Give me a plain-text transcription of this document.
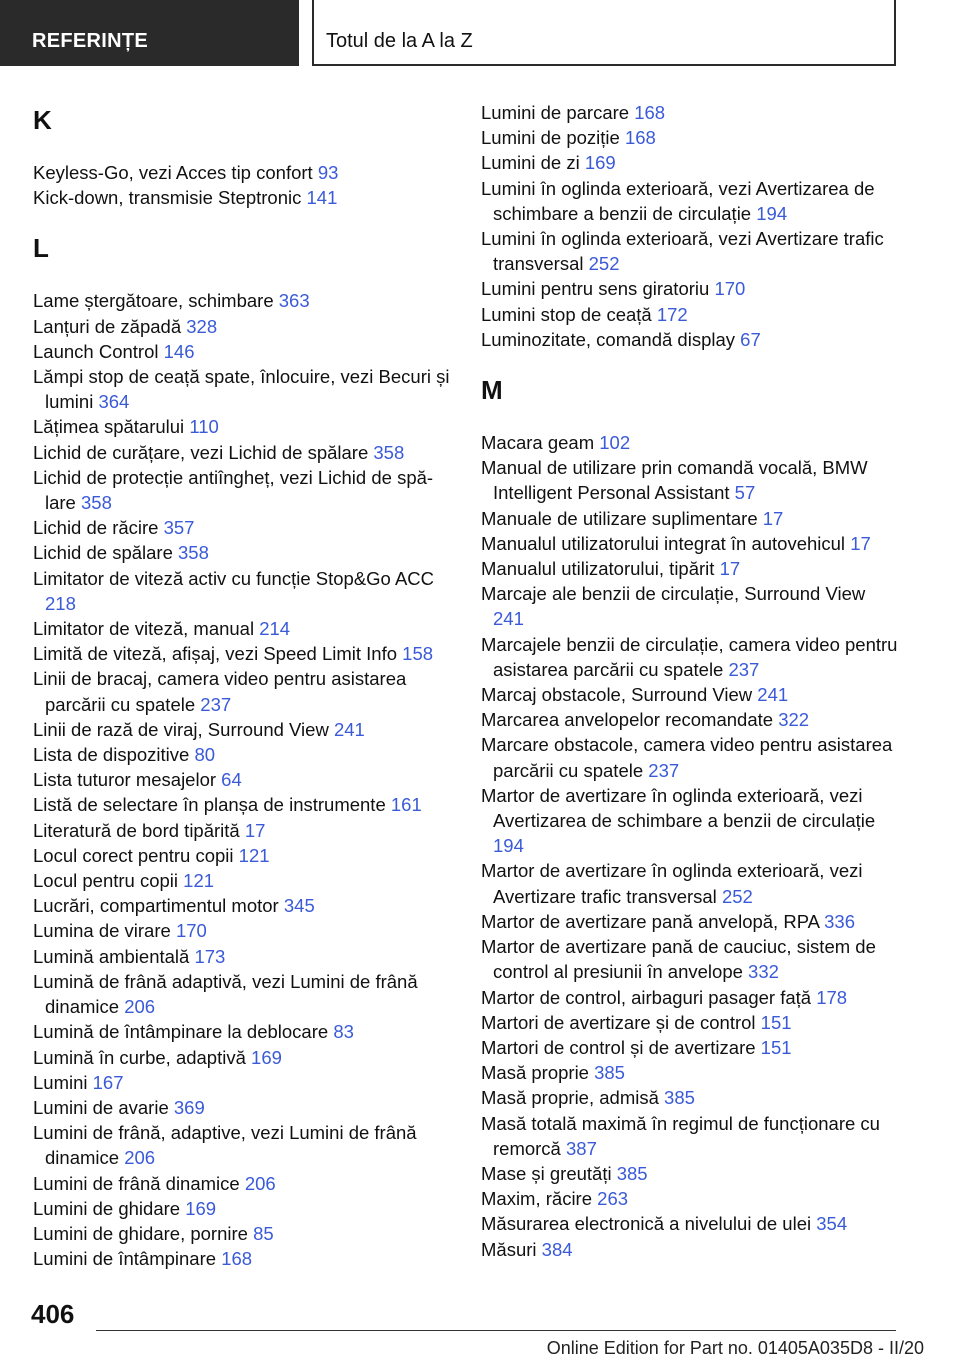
REFERINȚE	Totul de la A la Z
K
Keyless-Go, vezi Acces tip confort 93
Kick-down, transmisie Steptronic 141
L
Lame ștergătoare, schimbare 363
Lanțuri de zăpadă 328
Launch Control 146
Lămpi stop de ceață spate, înlocuire, vezi Becuri și lumini 364
Lățimea spătarului 110
Lichid de curățare, vezi Lichid de spălare 358
Lichid de protecție antiîngheț, vezi Lichid de spălare 358
Lichid de răcire 357
Lichid de spălare 358
Limitator de viteză activ cu funcție Stop&Go ACC 218
Limitator de viteză, manual 214
Limită de viteză, afișaj, vezi Speed Limit Info 158
Linii de bracaj, camera video pentru asistarea parcării cu spatele 237
Linii de rază de viraj, Surround View 241
Lista de dispozitive 80
Lista tuturor mesajelor 64
Listă de selectare în planșa de instrumente 161
Literatură de bord tipărită 17
Locul corect pentru copii 121
Locul pentru copii 121
Lucrări, compartimentul motor 345
Lumina de virare 170
Lumină ambientală 173
Lumină de frână adaptivă, vezi Lumini de frână dinamice 206
Lumină de întâmpinare la deblocare 83
Lumină în curbe, adaptivă 169
Lumini 167
Lumini de avarie 369
Lumini de frână, adaptive, vezi Lumini de frână dinamice 206
Lumini de frână dinamice 206
Lumini de ghidare 169
Lumini de ghidare, pornire 85
Lumini de întâmpinare 168
Lumini de parcare 168
Lumini de poziție 168
Lumini de zi 169
Lumini în oglinda exterioară, vezi Avertizarea de schimbare a benzii de circulație 194
Lumini în oglinda exterioară, vezi Avertizare trafic transversal 252
Lumini pentru sens giratoriu 170
Lumini stop de ceață 172
Luminozitate, comandă display 67
M
Macara geam 102
Manual de utilizare prin comandă vocală, BMW Intelligent Personal Assistant 57
Manuale de utilizare suplimentare 17
Manualul utilizatorului integrat în autovehicul 17
Manualul utilizatorului, tipărit 17
Marcaje ale benzii de circulație, Surround View 241
Marcajele benzii de circulație, camera video pentru asistarea parcării cu spatele 237
Marcaj obstacole, Surround View 241
Marcarea anvelopelor recomandate 322
Marcare obstacole, camera video pentru asistarea parcării cu spatele 237
Martor de avertizare în oglinda exterioară, vezi Avertizarea de schimbare a benzii de circulație 194
Martor de avertizare în oglinda exterioară, vezi Avertizare trafic transversal 252
Martor de avertizare pană anvelopă, RPA 336
Martor de avertizare pană de cauciuc, sistem de control al presiunii în anvelope 332
Martor de control, airbaguri pasager față 178
Martori de avertizare și de control 151
Martori de control și de avertizare 151
Masă proprie 385
Masă proprie, admisă 385
Masă totală maximă în regimul de funcționare cu remorcă 387
Mase și greutăți 385
Maxim, răcire 263
Măsurarea electronică a nivelului de ulei 354
Măsuri 384
406
Online Edition for Part no. 01405A035D8 - II/20
